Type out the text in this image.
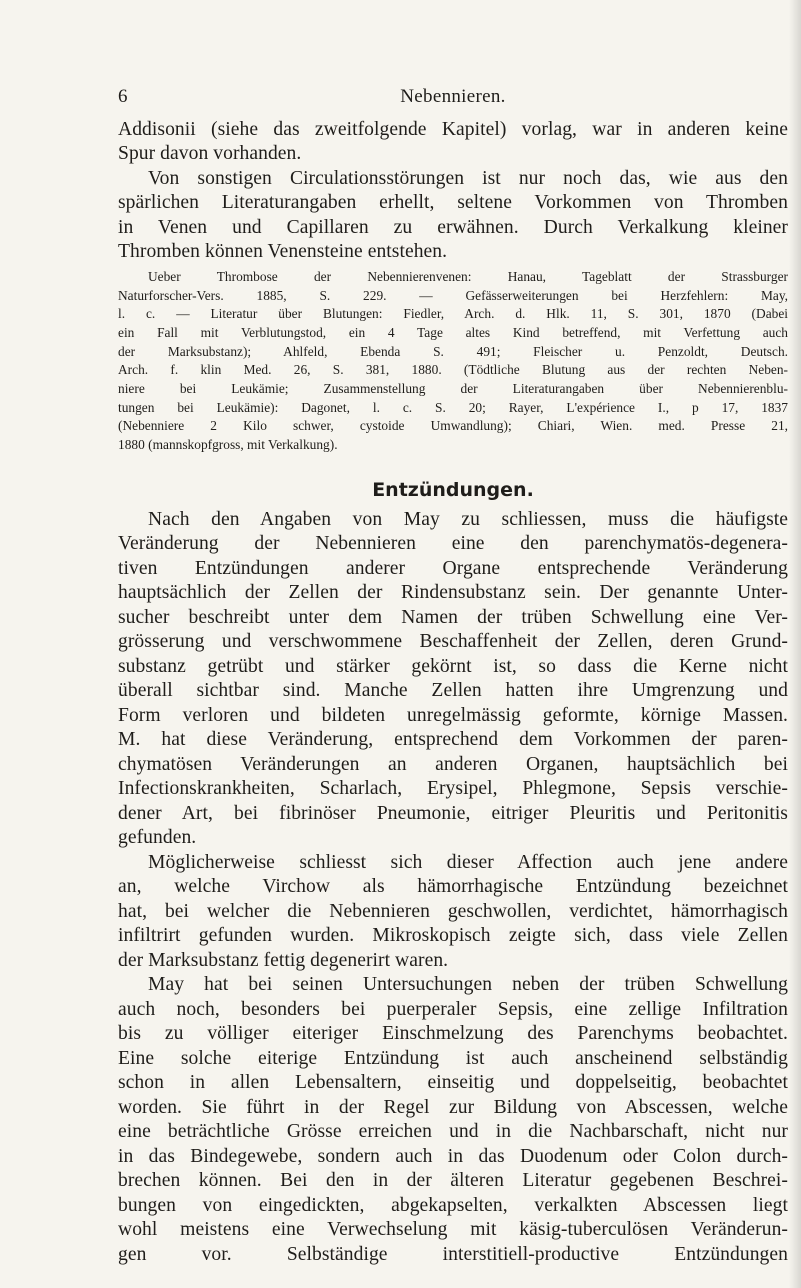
6	Nebennieren.
Addisonii (siehe das zweitfolgende Kapitel) vorlag, war in anderen keine
Spur davon vorhanden.
Von sonstigen Circulationsstörungen ist nur noch das, wie aus den
spärlichen Literaturangaben erhellt, seltene Vorkommen von Thromben
in Venen und Capillaren zu erwähnen. Durch Verkalkung kleiner
Thromben können Venensteine entstehen.
Ueber Thrombose der Nebennierenvenen: Hanau, Tageblatt der Strassburger
Naturforscher-Vers. 1885, S. 229. — Gefässerweiterungen bei Herzfehlern: May,
l. c. — Literatur über Blutungen: Fiedler, Arch. d. Hlk. 11, S. 301, 1870 (Dabei
ein Fall mit Verblutungstod, ein 4 Tage altes Kind betreffend, mit Verfettung auch
der Marksubstanz); Ahlfeld, Ebenda S. 491; Fleischer u. Penzoldt, Deutsch.
Arch. f. klin Med. 26, S. 381, 1880. (Tödtliche Blutung aus der rechten Neben-
niere bei Leukämie; Zusammenstellung der Literaturangaben über Nebennierenblu-
tungen bei Leukämie): Dagonet, l. c. S. 20; Rayer, L'expérience I., p 17, 1837
(Nebenniere 2 Kilo schwer, cystoide Umwandlung); Chiari, Wien. med. Presse 21,
1880 (mannskopfgross, mit Verkalkung).
Entzündungen.
Nach den Angaben von May zu schliessen, muss die häufigste
Veränderung der Nebennieren eine den parenchymatös-degenera-
tiven Entzündungen anderer Organe entsprechende Veränderung
hauptsächlich der Zellen der Rindensubstanz sein. Der genannte Unter-
sucher beschreibt unter dem Namen der trüben Schwellung eine Ver-
grösserung und verschwommene Beschaffenheit der Zellen, deren Grund-
substanz getrübt und stärker gekörnt ist, so dass die Kerne nicht
überall sichtbar sind. Manche Zellen hatten ihre Umgrenzung und
Form verloren und bildeten unregelmässig geformte, körnige Massen.
M. hat diese Veränderung, entsprechend dem Vorkommen der paren-
chymatösen Veränderungen an anderen Organen, hauptsächlich bei
Infectionskrankheiten, Scharlach, Erysipel, Phlegmone, Sepsis verschie-
dener Art, bei fibrinöser Pneumonie, eitriger Pleuritis und Peritonitis
gefunden.
Möglicherweise schliesst sich dieser Affection auch jene andere
an, welche Virchow als hämorrhagische Entzündung bezeichnet
hat, bei welcher die Nebennieren geschwollen, verdichtet, hämorrhagisch
infiltrirt gefunden wurden. Mikroskopisch zeigte sich, dass viele Zellen
der Marksubstanz fettig degenerirt waren.
May hat bei seinen Untersuchungen neben der trüben Schwellung
auch noch, besonders bei puerperaler Sepsis, eine zellige Infiltration
bis zu völliger eiteriger Einschmelzung des Parenchyms beobachtet.
Eine solche eiterige Entzündung ist auch anscheinend selbständig
schon in allen Lebensaltern, einseitig und doppelseitig, beobachtet
worden. Sie führt in der Regel zur Bildung von Abscessen, welche
eine beträchtliche Grösse erreichen und in die Nachbarschaft, nicht nur
in das Bindegewebe, sondern auch in das Duodenum oder Colon durch-
brechen können. Bei den in der älteren Literatur gegebenen Beschrei-
bungen von eingedickten, abgekapselten, verkalkten Abscessen liegt
wohl meistens eine Verwechselung mit käsig-tuberculösen Veränderun-
gen vor. Selbständige interstitiell-productive Entzündungen
